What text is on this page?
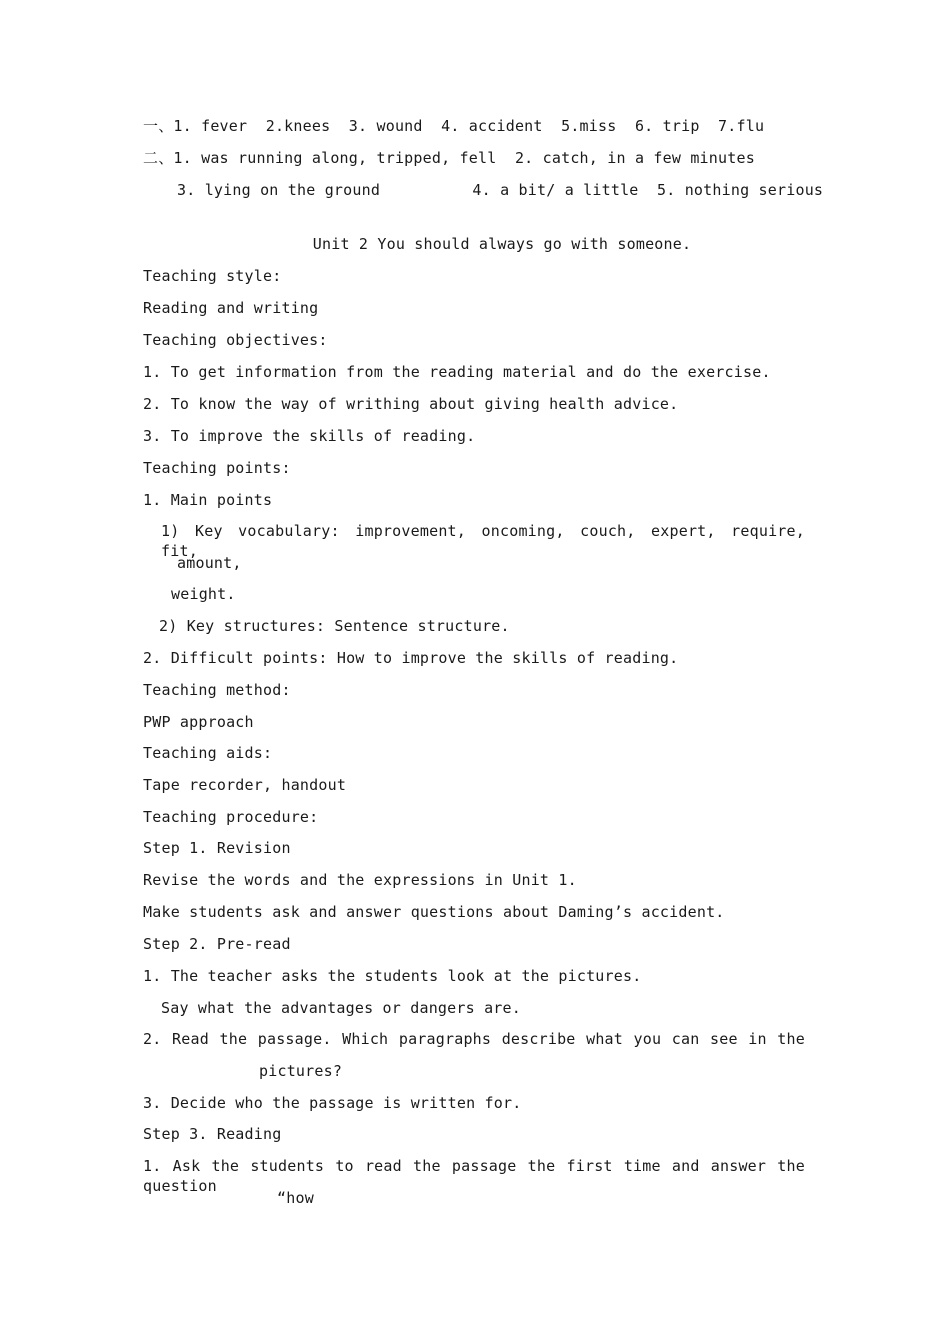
一、1. fever  2.knees  3. wound  4. accident  5.miss  6. trip  7.flu
二、1. was running along, tripped, fell  2. catch, in a few minutes
3. lying on the ground          4. a bit/ a little  5. nothing serious
Unit 2 You should always go with someone.
Teaching style:
Reading and writing
Teaching objectives:
1. To get information from the reading material and do the exercise.
2. To know the way of writhing about giving health advice.
3. To improve the skills of reading.
Teaching points:
1. Main points
1) Key vocabulary: improvement, oncoming, couch, expert, require, fit,
amount,
weight.
2) Key structures: Sentence structure.
2. Difficult points: How to improve the skills of reading.
Teaching method:
PWP approach
Teaching aids:
Tape recorder, handout
Teaching procedure:
Step 1. Revision
Revise the words and the expressions in Unit 1.
Make students ask and answer questions about Daming’s accident.
Step 2. Pre-read
1. The teacher asks the students look at the pictures.
Say what the advantages or dangers are.
2. Read the passage. Which paragraphs describe what you can see in the
pictures?
3. Decide who the passage is written for.
Step 3. Reading
1. Ask the students to read the passage the first time and answer the question
“how
